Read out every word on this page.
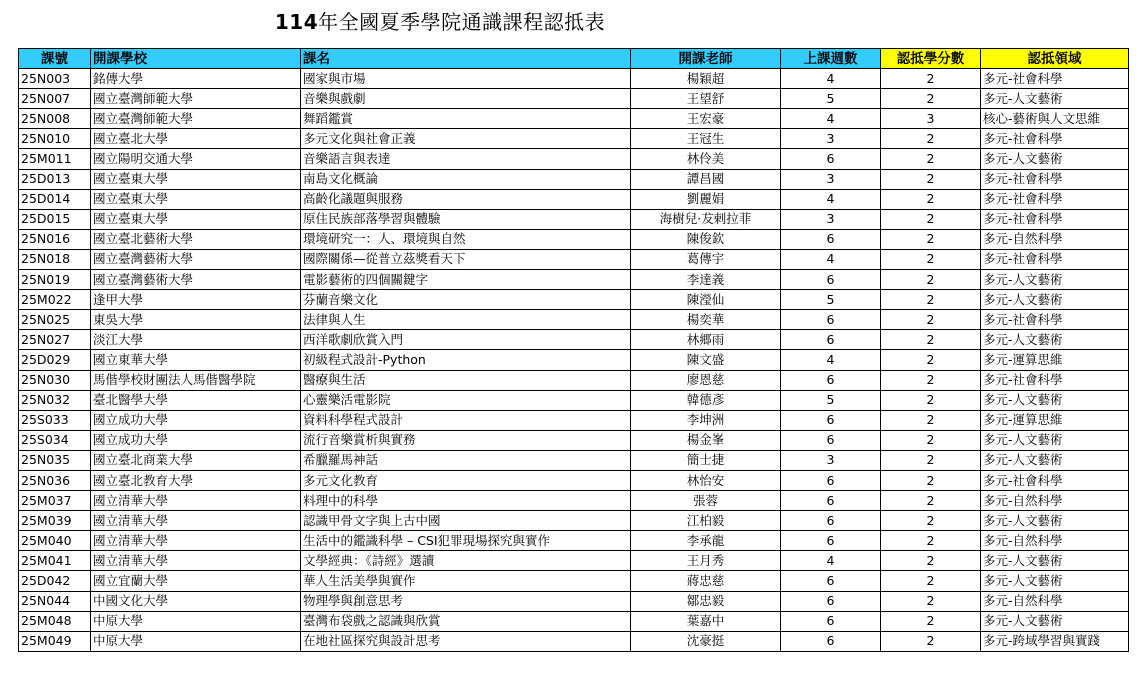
114年全國夏季學院通識課程認抵表
課號	開課學校	課名	開課老師	上課週數	認抵學分數	認抵領域
25N003	銘傳大學	國家與市場	楊穎超	4	2	多元-社會科學
25N007	國立臺灣師範大學	音樂與戲劇	王望舒	5	2	多元-人文藝術
25N008	國立臺灣師範大學	舞蹈鑑賞	王宏豪	4	3	核心-藝術與人文思維
25N010	國立臺北大學	多元文化與社會正義	王冠生	3	2	多元-社會科學
25M011	國立陽明交通大學	音樂語言與表達	林伶美	6	2	多元-人文藝術
25D013	國立臺東大學	南島文化概論	譚昌國	3	2	多元-社會科學
25D014	國立臺東大學	高齡化議題與服務	劉麗娟	4	2	多元-社會科學
25D015	國立臺東大學	原住民族部落學習與體驗	海樹兒·犮剌拉菲	3	2	多元-社會科學
25N016	國立臺北藝術大學	環境研究一：人、環境與自然	陳俊欽	6	2	多元-自然科學
25N018	國立臺灣藝術大學	國際關係—從普立茲獎看天下	葛傳宇	4	2	多元-社會科學
25N019	國立臺灣藝術大學	電影藝術的四個關鍵字	李達義	6	2	多元-人文藝術
25M022	逢甲大學	芬蘭音樂文化	陳瀅仙	5	2	多元-人文藝術
25N025	東吳大學	法律與人生	楊奕華	6	2	多元-社會科學
25N027	淡江大學	西洋歌劇欣賞入門	林郷雨	6	2	多元-人文藝術
25D029	國立東華大學	初級程式設計-Python	陳文盛	4	2	多元-運算思維
25N030	馬偕學校財團法人馬偕醫學院	醫療與生活	廖恩慈	6	2	多元-社會科學
25N032	臺北醫學大學	心靈樂活電影院	韓德彥	5	2	多元-人文藝術
25S033	國立成功大學	資料科學程式設計	李坤洲	6	2	多元-運算思維
25S034	國立成功大學	流行音樂賞析與實務	楊金峯	6	2	多元-人文藝術
25N035	國立臺北商業大學	希臘羅馬神話	簡士捷	3	2	多元-人文藝術
25N036	國立臺北教育大學	多元文化教育	林怡安	6	2	多元-社會科學
25M037	國立清華大學	料理中的科學	張蓉	6	2	多元-自然科學
25M039	國立清華大學	認識甲骨文字與上古中國	江柏毅	6	2	多元-人文藝術
25M040	國立清華大學	生活中的鑑識科學 – CSI犯罪現場探究與實作	李承龍	6	2	多元-自然科學
25M041	國立清華大學	文學經典：《詩經》選讀	王月秀	4	2	多元-人文藝術
25D042	國立宜蘭大學	華人生活美學與實作	蔣忠慈	6	2	多元-人文藝術
25N044	中國文化大學	物理學與創意思考	鄒忠毅	6	2	多元-自然科學
25M048	中原大學	臺灣布袋戲之認識與欣賞	葉嘉中	6	2	多元-人文藝術
25M049	中原大學	在地社區探究與設計思考	沈豪挺	6	2	多元-跨域學習與實踐
